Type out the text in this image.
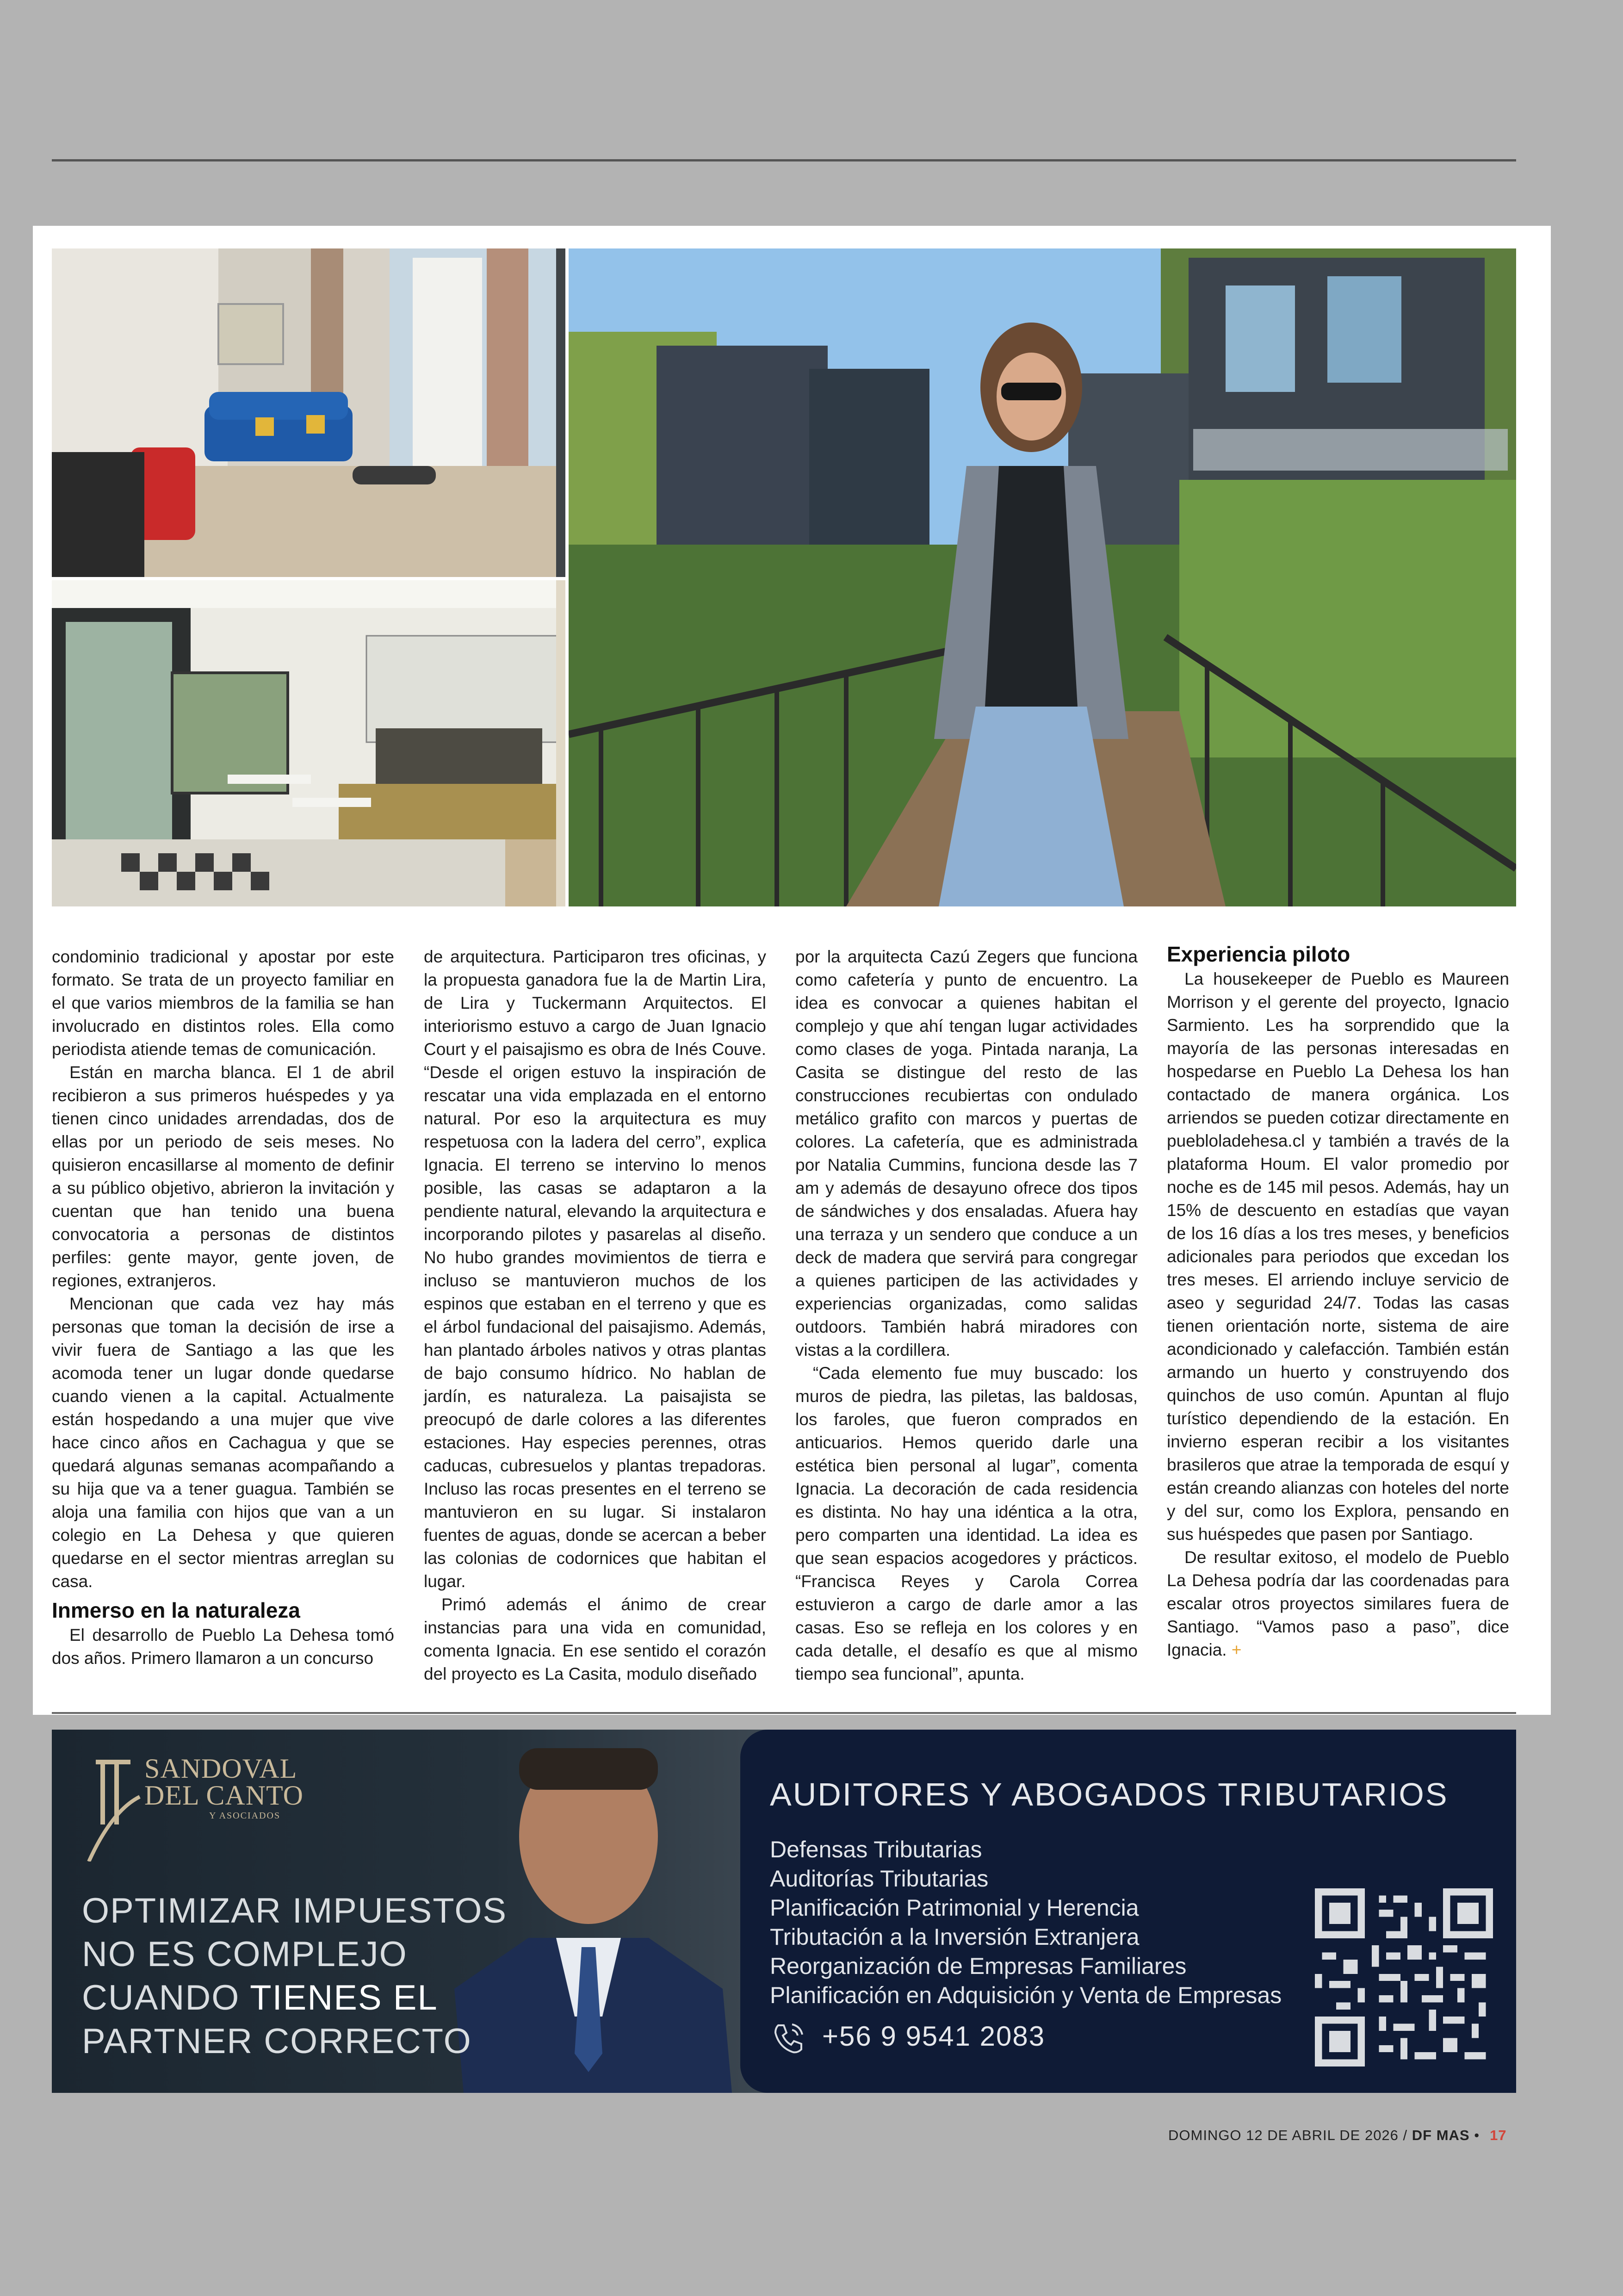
condominio tradicional y apostar por este formato. Se trata de un proyecto familiar en el que varios miembros de la familia se han involucrado en distintos roles. Ella como periodista atiende temas de comunicación.

Están en marcha blanca. El 1 de abril recibieron a sus primeros huéspedes y ya tienen cinco unidades arrendadas, dos de ellas por un periodo de seis meses. No quisieron encasillarse al momento de definir a su público objetivo, abrieron la invitación y cuentan que han tenido una buena convocatoria a personas de distintos perfiles: gente mayor, gente joven, de regiones, extranjeros.

Mencionan que cada vez hay más personas que toman la decisión de irse a vivir fuera de Santiago a las que les acomoda tener un lugar donde quedarse cuando vienen a la capital. Actualmente están hospedando a una mujer que vive hace cinco años en Cachagua y que se quedará algunas semanas acompañando a su hija que va a tener guagua. También se aloja una familia con hijos que van a un colegio en La Dehesa y que quieren quedarse en el sector mientras arreglan su casa.

Inmerso en la naturaleza

El desarrollo de Pueblo La Dehesa tomó dos años. Primero llamaron a un concurso

de arquitectura. Participaron tres oficinas, y la propuesta ganadora fue la de Martin Lira, de Lira y Tuckermann Arquitectos. El interiorismo estuvo a cargo de Juan Ignacio Court y el paisajismo es obra de Inés Couve. “Desde el origen estuvo la inspiración de rescatar una vida emplazada en el entorno natural. Por eso la arquitectura es muy respetuosa con la ladera del cerro”, explica Ignacia. El terreno se intervino lo menos posible, las casas se adaptaron a la pendiente natural, elevando la arquitectura e incorporando pilotes y pasarelas al diseño. No hubo grandes movimientos de tierra e incluso se mantuvieron muchos de los espinos que estaban en el terreno y que es el árbol fundacional del paisajismo. Además, han plantado árboles nativos y otras plantas de bajo consumo hídrico. No hablan de jardín, es naturaleza. La paisajista se preocupó de darle colores a las diferentes estaciones. Hay especies perennes, otras caducas, cubresuelos y plantas trepadoras. Incluso las rocas presentes en el terreno se mantuvieron en su lugar. Si instalaron fuentes de aguas, donde se acercan a beber las colonias de codornices que habitan el lugar.

Primó además el ánimo de crear instancias para una vida en comunidad, comenta Ignacia. En ese sentido el corazón del proyecto es La Casita, modulo diseñado

por la arquitecta Cazú Zegers que funciona como cafetería y punto de encuentro. La idea es convocar a quienes habitan el complejo y que ahí tengan lugar actividades como clases de yoga. Pintada naranja, La Casita se distingue del resto de las construcciones recubiertas con ondulado metálico grafito con marcos y puertas de colores. La cafetería, que es administrada por Natalia Cummins, funciona desde las 7 am y además de desayuno ofrece dos tipos de sándwiches y dos ensaladas. Afuera hay una terraza y un sendero que conduce a un deck de madera que servirá para congregar a quienes participen de las actividades y experiencias organizadas, como salidas outdoors. También habrá miradores con vistas a la cordillera.

“Cada elemento fue muy buscado: los muros de piedra, las piletas, las baldosas, los faroles, que fueron comprados en anticuarios. Hemos querido darle una estética bien personal al lugar”, comenta Ignacia. La decoración de cada residencia es distinta. No hay una idéntica a la otra, pero comparten una identidad. La idea es que sean espacios acogedores y prácticos. “Francisca Reyes y Carola Correa estuvieron a cargo de darle amor a las casas. Eso se refleja en los colores y en cada detalle, el desafío es que al mismo tiempo sea funcional”, apunta.

Experiencia piloto

La housekeeper de Pueblo es Maureen Morrison y el gerente del proyecto, Ignacio Sarmiento. Les ha sorprendido que la mayoría de las personas interesadas en hospedarse en Pueblo La Dehesa los han contactado de manera orgánica. Los arriendos se pueden cotizar directamente en puebloladehesa.cl y también a través de la plataforma Houm. El valor promedio por noche es de 145 mil pesos. Además, hay un 15% de descuento en estadías que vayan de los 16 días a los tres meses, y beneficios adicionales para periodos que excedan los tres meses. El arriendo incluye servicio de aseo y seguridad 24/7. Todas las casas tienen orientación norte, sistema de aire acondicionado y calefacción. También están armando un huerto y construyendo dos quinchos de uso común. Apuntan al flujo turístico dependiendo de la estación. En invierno esperan recibir a los visitantes brasileros que atrae la temporada de esquí y están creando alianzas con hoteles del norte y del sur, como los Explora, pensando en sus huéspedes que pasen por Santiago.

De resultar exitoso, el modelo de Pueblo La Dehesa podría dar las coordenadas para escalar otros proyectos similares fuera de Santiago. “Vamos paso a paso”, dice Ignacia. +

SANDOVAL
DEL CANTO
Y ASOCIADOS
OPTIMIZAR IMPUESTOS
NO ES COMPLEJO
CUANDO TIENES EL
PARTNER CORRECTO
AUDITORES Y ABOGADOS TRIBUTARIOS
Defensas Tributarias
Auditorías Tributarias
Planificación Patrimonial y Herencia
Tributación a la Inversión Extranjera
Reorganización de Empresas Familiares
Planificación en Adquisición y Venta de Empresas
+56 9 9541 2083
DOMINGO 12 DE ABRIL DE 2026 / DF MAS • 17
